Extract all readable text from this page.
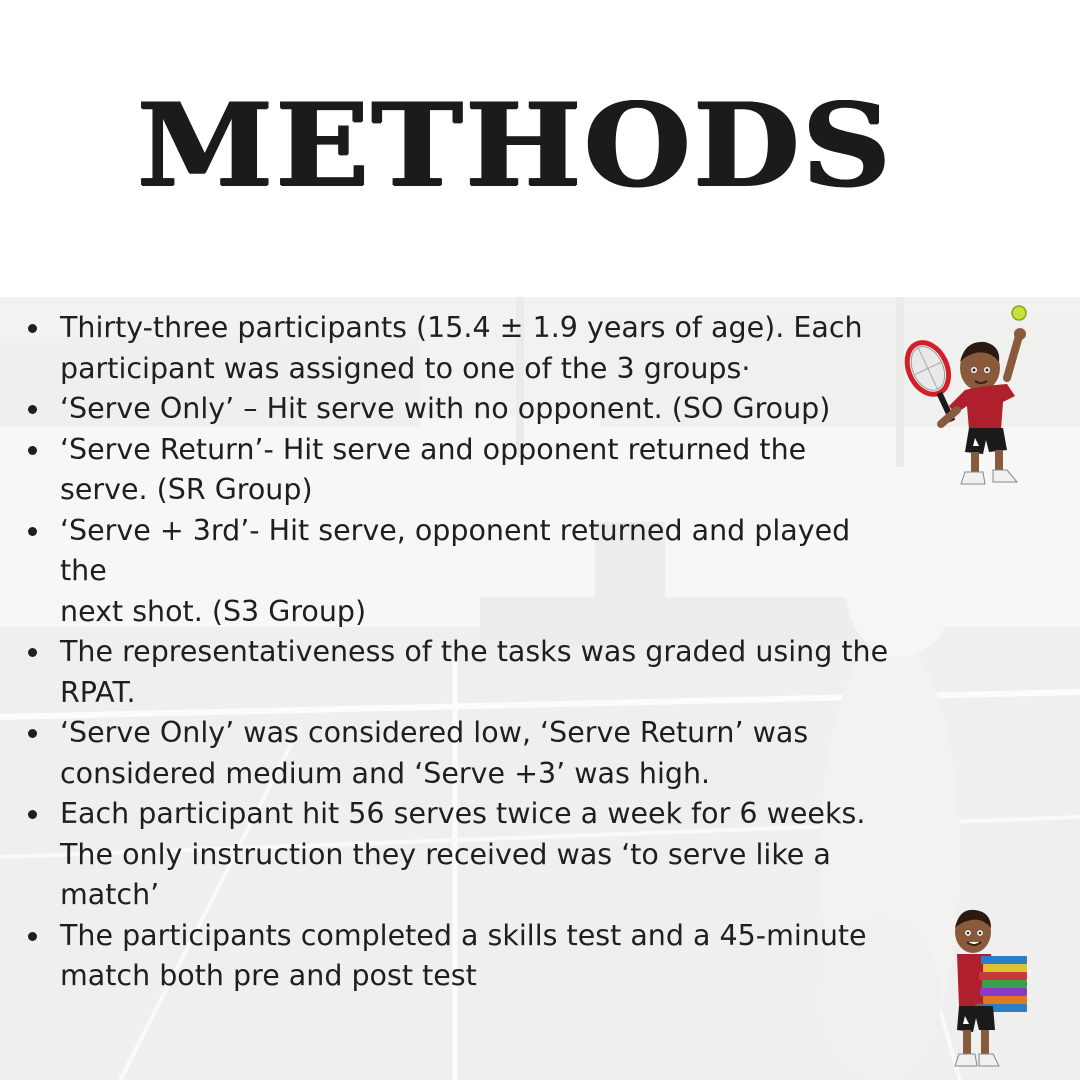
METHODS
Thirty-three participants (15.4 ± 1.9 years of age). Each
participant was assigned to one of the 3 groups·
‘Serve Only’ – Hit serve with no opponent. (SO Group)
‘Serve Return’- Hit serve and opponent returned the
serve. (SR Group)
‘Serve + 3rd’- Hit serve, opponent returned and played the
next shot. (S3 Group)
The representativeness of the tasks was graded using the
RPAT.
‘Serve Only’ was considered low, ‘Serve Return’ was
considered medium and ‘Serve +3’ was high.
Each participant hit 56 serves twice a week for 6 weeks.
The only instruction they received was ‘to serve like a
match’
The participants completed a skills test and a 45-minute
match both pre and post test
